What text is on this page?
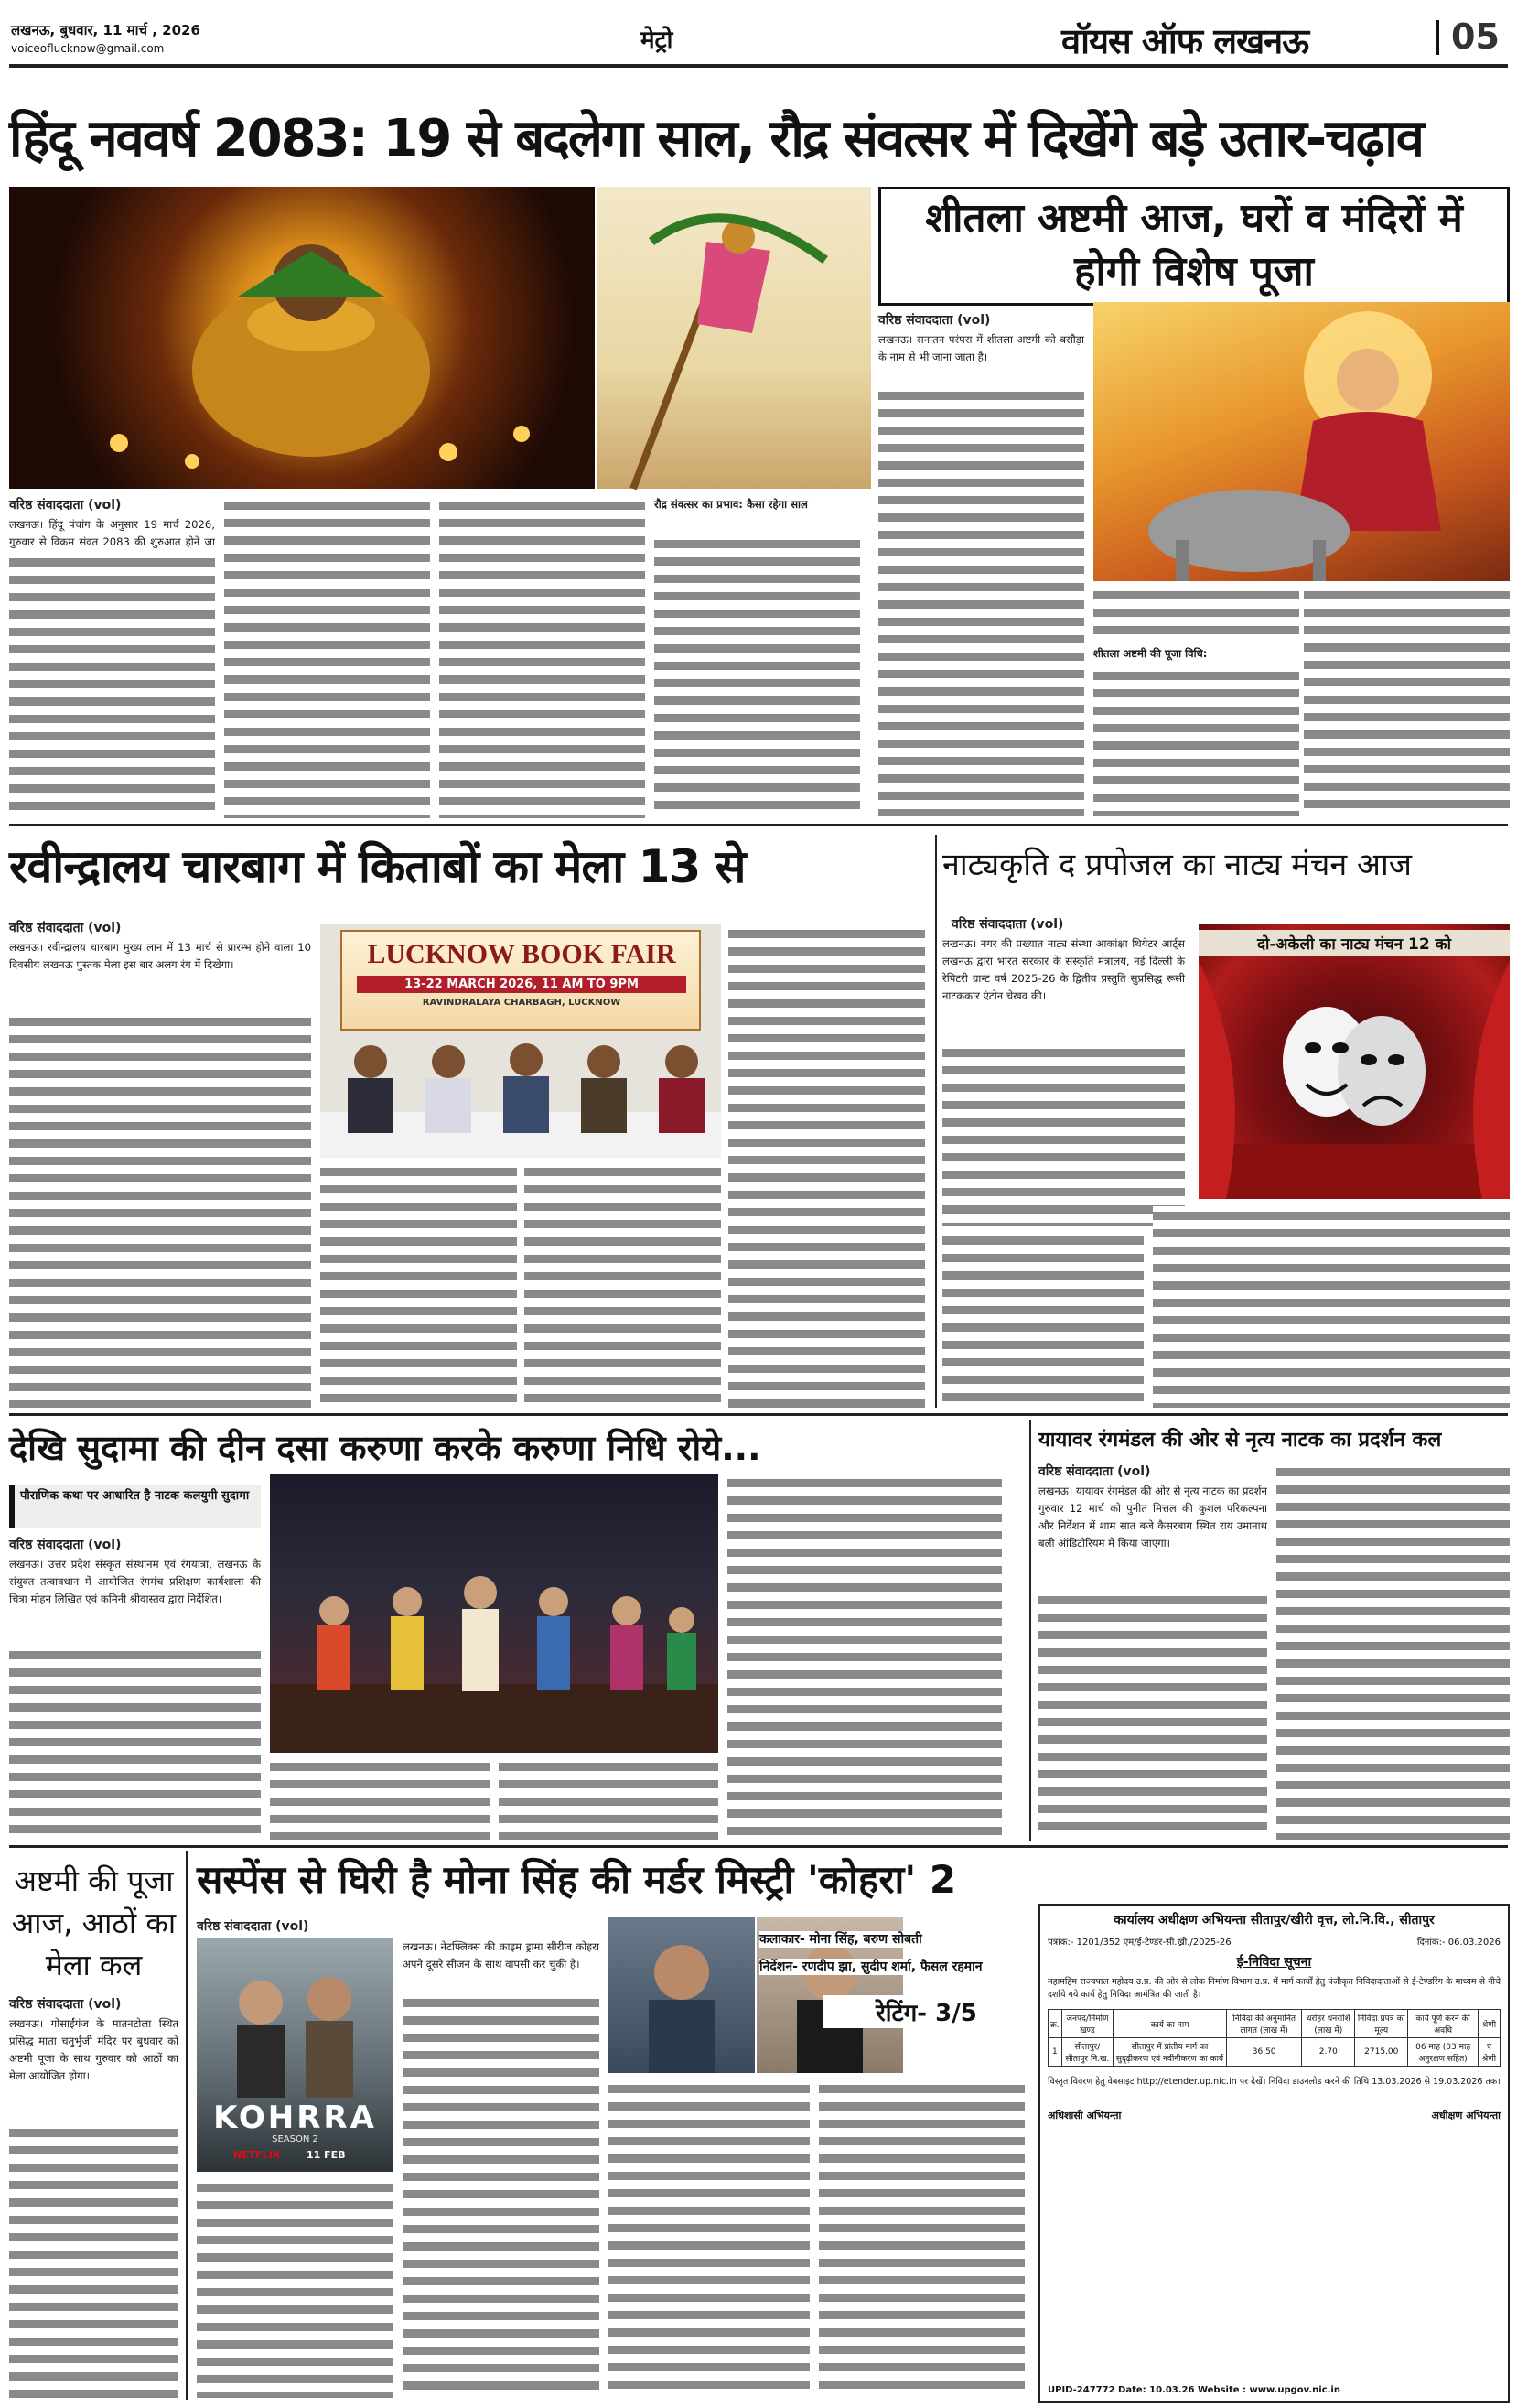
लखनऊ, बुधवार, 11 मार्च , 2026
voiceoflucknow@gmail.com	मेट्रो	वॉयस ऑफ लखनऊ	05
हिंदू नववर्ष 2083: 19 से बदलेगा साल, रौद्र संवत्सर में दिखेंगे बड़े उतार-चढ़ाव
वरिष्ठ संवाददाता (vol)
लखनऊ। हिंदू पंचांग के अनुसार 19 मार्च 2026, गुरुवार से विक्रम संवत 2083 की शुरुआत होने जा
रौद्र संवत्सर का प्रभाव: कैसा रहेगा साल
शीतला अष्टमी आज, घरों व मंदिरों में होगी विशेष पूजा
वरिष्ठ संवाददाता (vol)
लखनऊ। सनातन परंपरा में शीतला अष्टमी को बसौड़ा के नाम से भी जाना जाता है।
शीतला अष्टमी की पूजा विधि:
रवीन्द्रालय चारबाग में किताबों का मेला 13 से
वरिष्ठ संवाददाता (vol)
लखनऊ। रवीन्द्रालय चारबाग मुख्य लान में 13 मार्च से प्रारम्भ होने वाला 10 दिवसीय लखनऊ पुस्तक मेला इस बार अलग रंग में दिखेगा।	LUCKNOW BOOK FAIR
13-22 MARCH 2026, 11 AM TO 9PM
RAVINDRALAYA CHARBAGH, LUCKNOW
नाट्यकृति द प्रपोजल का नाट्य मंचन आज
वरिष्ठ संवाददाता (vol)
लखनऊ। नगर की प्रख्यात नाट्य संस्था आकांक्षा थियेटर आर्ट्स लखनऊ द्वारा भारत सरकार के संस्कृति मंत्रालय, नई दिल्ली के रेपिटरी ग्रान्ट वर्ष 2025-26 के द्वितीय प्रस्तुति सुप्रसिद्ध रूसी नाटककार एंटोन चेखव की।
दो-अकेली का नाट्य मंचन 12 को
देखि सुदामा की दीन दसा करुणा करके करुणा निधि रोये...
पौराणिक कथा पर आधारित है नाटक कलयुगी सुदामा
वरिष्ठ संवाददाता (vol)
लखनऊ। उत्तर प्रदेश संस्कृत संस्थानम एवं रंगयात्रा, लखनऊ के संयुक्त तत्वावधान में आयोजित रंगमंच प्रशिक्षण कार्यशाला की चित्रा मोहन लिखित एवं कमिनी श्रीवास्तव द्वारा निर्देशित।
यायावर रंगमंडल की ओर से नृत्य नाटक का प्रदर्शन कल
वरिष्ठ संवाददाता (vol)
लखनऊ। यायावर रंगमंडल की ओर से नृत्य नाटक का प्रदर्शन गुरुवार 12 मार्च को पुनीत मित्तल की कुशल परिकल्पना और निर्देशन में शाम सात बजे कैसरबाग स्थित राय उमानाथ बली ऑडिटोरियम में किया जाएगा।
अष्टमी की पूजा आज, आठों का मेला कल
वरिष्ठ संवाददाता (vol)
लखनऊ। गोसाईंगंज के मातनटोला स्थित प्रसिद्ध माता चतुर्भुजी मंदिर पर बुधवार को अष्टमी पूजा के साथ गुरुवार को आठों का मेला आयोजित होगा।
सस्पेंस से घिरी है मोना सिंह की मर्डर मिस्ट्री 'कोहरा' 2
वरिष्ठ संवाददाता (vol)
KOHRRA
SEASON 2
NETFLIX	11 FEB
लखनऊ। नेटफ्लिक्स की क्राइम ड्रामा सीरीज कोहरा अपने दूसरे सीजन के साथ वापसी कर चुकी है।
कलाकार- मोना सिंह, बरुण सोबती
निर्देशन- रणदीप झा, सुदीप शर्मा, फैसल रहमान
रेटिंग- 3/5
कार्यालय अधीक्षण अभियन्ता सीतापुर/खीरी वृत्त, लो.नि.वि., सीतापुर
पत्रांक:- 1201/352 एम/ई-टेण्डर-सी.ख्री./2025-26	दिनांक:- 06.03.2026
ई-निविदा सूचना
महामहिम राज्यपाल महोदय उ.प्र. की ओर से लोक निर्माण विभाग उ.प्र. में मार्ग कार्यों हेतु पंजीकृत निविदादाताओं से ई-टेण्डरिंग के माध्यम से नीचे दर्शाये गये कार्य हेतु निविदा आमंत्रित की जाती है।
क्र.	जनपद/निर्माण खण्ड	कार्य का नाम	निविदा की अनुमानित लागत (लाख में)	धरोहर धनराशि (लाख में)	निविदा प्रपत्र का मूल्य	कार्य पूर्ण करने की अवधि	श्रेणी
1	सीतापुर/सीतापुर नि.ख.	सीतापुर में प्रांतीय मार्ग का सुदृढ़ीकरण एवं नवीनीकरण का कार्य	36.50	2.70	2715.00	06 माह (03 माह अनुरक्षण सहित)	ए श्रेणी
विस्तृत विवरण हेतु वेबसाइट http://etender.up.nic.in पर देखें। निविदा डाउनलोड करने की तिथि 13.03.2026 से 19.03.2026 तक।
अधिशासी अभियन्ता	अधीक्षण अभियन्ता
UPID-247772 Date: 10.03.26 Website : www.upgov.nic.in
